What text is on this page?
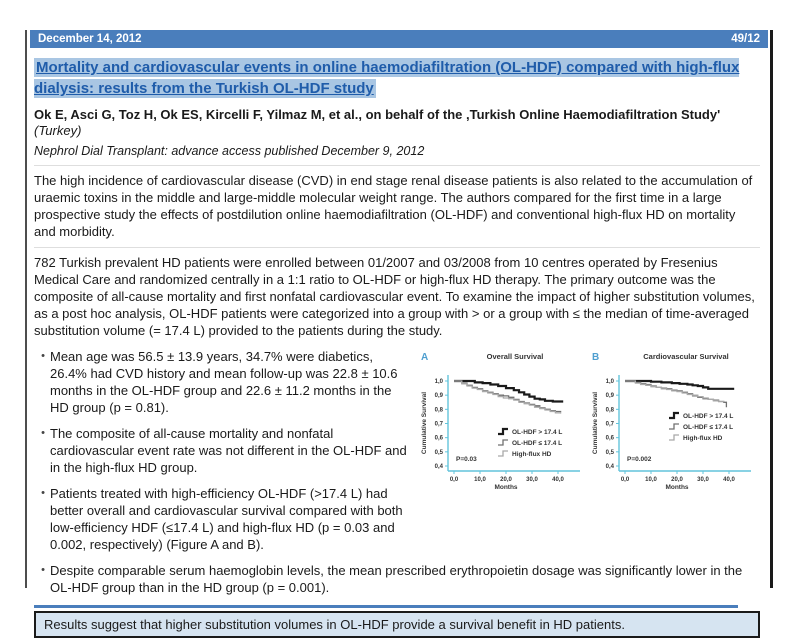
December 14, 2012	49/12
Mortality and cardiovascular events in online haemodiafiltration (OL-HDF) compared with high-flux dialysis: results from the Turkish OL-HDF study
Ok E, Asci G, Toz H, Ok ES, Kircelli F, Yilmaz M, et al., on behalf of the ,Turkish Online Haemodiafiltration Study' (Turkey)
Nephrol Dial Transplant: advance access published December 9, 2012
The high incidence of cardiovascular disease (CVD) in end stage renal disease patients is also related to the accumulation of uraemic toxins in the middle and large-middle molecular weight range. The authors compared for the first time in a large prospective study the effects of postdilution online haemodiafiltration (OL-HDF) and conventional high-flux HD on mortality and morbidity.
782 Turkish prevalent HD patients were enrolled between 01/2007 and 03/2008 from 10 centres operated by Fresenius Medical Care and randomized centrally in a 1:1 ratio to OL-HDF or high-flux HD therapy. The primary outcome was the composite of all-cause mortality and first nonfatal cardiovascular event. To examine the impact of higher substitution volumes, as a post hoc analysis, OL-HDF patients were categorized into a group with > or a group with ≤ the median of time-averaged substitution volume (= 17.4 L) provided to the patients during the study.
A	Overall Survival
1,0
0,9
0,8
0,7
0,6
0,5
0,4
0,0	10,0 20,0 30,0 40,0
Cumulative Survival
Months
P=0.03
OL-HDF > 17.4 L
OL-HDF ≤ 17.4 L
High-flux HD
B	Cardiovascular Survival
1,0
0,9
0,8
0,7
0,6
0,5
0,4
0,0	10,0 20,0 30,0 40,0
Cumulative Survival
Months
P=0.002
OL-HDF > 17.4 L
OL-HDF ≤ 17.4 L
High-flux HD
• Mean age was 56.5 ± 13.9 years, 34.7% were diabetics, 26.4% had CVD history and mean follow-up was 22.8 ± 10.6 months in the OL-HDF group and 22.6 ± 11.2 months in the HD group (p = 0.81).
• The composite of all-cause mortality and nonfatal cardiovascular event rate was not different in the OL-HDF and in the high-flux HD group.
• Patients treated with high-efficiency OL-HDF (>17.4 L) had better overall and cardiovascular survival compared with both low-efficiency HDF (≤17.4 L) and high-flux HD (p = 0.03 and 0.002, respectively) (Figure A and B).
• Despite comparable serum haemoglobin levels, the mean prescribed erythropoietin dosage was significantly lower in the OL-HDF group than in the HD group (p = 0.001).
Results suggest that higher substitution volumes in OL-HDF provide a survival benefit in HD patients.
